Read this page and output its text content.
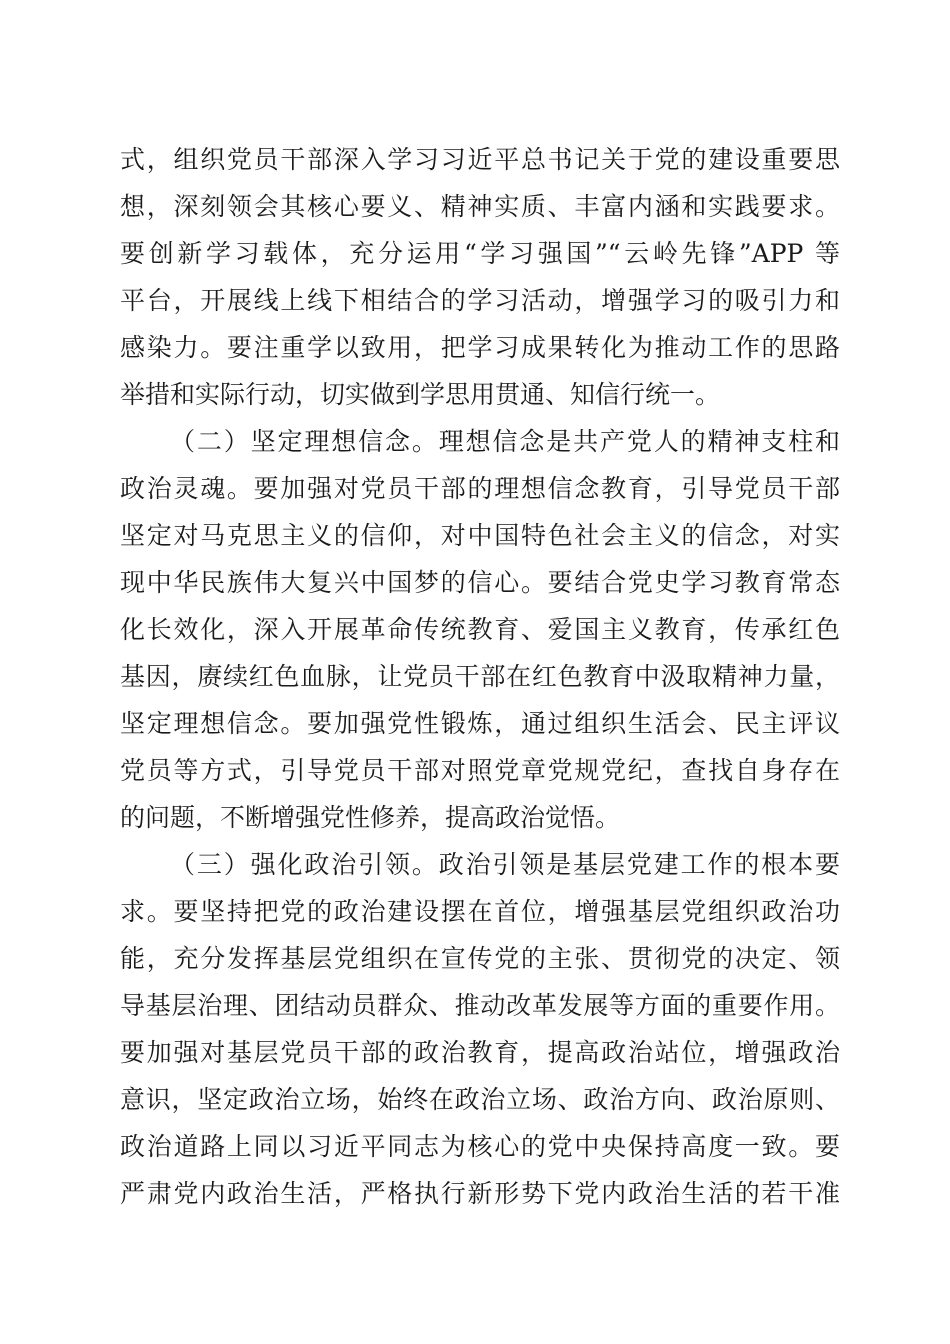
式，组织党员干部深入学习习近平总书记关于党的建设重要思
想，深刻领会其核心要义、精神实质、丰富内涵和实践要求。
要创新学习载体，充分运用“学习强国”“云岭先锋”APP 等
平台，开展线上线下相结合的学习活动，增强学习的吸引力和
感染力。要注重学以致用，把学习成果转化为推动工作的思路
举措和实际行动，切实做到学思用贯通、知信行统一。
（二）坚定理想信念。理想信念是共产党人的精神支柱和
政治灵魂。要加强对党员干部的理想信念教育，引导党员干部
坚定对马克思主义的信仰，对中国特色社会主义的信念，对实
现中华民族伟大复兴中国梦的信心。要结合党史学习教育常态
化长效化，深入开展革命传统教育、爱国主义教育，传承红色
基因，赓续红色血脉，让党员干部在红色教育中汲取精神力量，
坚定理想信念。要加强党性锻炼，通过组织生活会、民主评议
党员等方式，引导党员干部对照党章党规党纪，查找自身存在
的问题，不断增强党性修养，提高政治觉悟。
（三）强化政治引领。政治引领是基层党建工作的根本要
求。要坚持把党的政治建设摆在首位，增强基层党组织政治功
能，充分发挥基层党组织在宣传党的主张、贯彻党的决定、领
导基层治理、团结动员群众、推动改革发展等方面的重要作用。
要加强对基层党员干部的政治教育，提高政治站位，增强政治
意识，坚定政治立场，始终在政治立场、政治方向、政治原则、
政治道路上同以习近平同志为核心的党中央保持高度一致。要
严肃党内政治生活，严格执行新形势下党内政治生活的若干准
